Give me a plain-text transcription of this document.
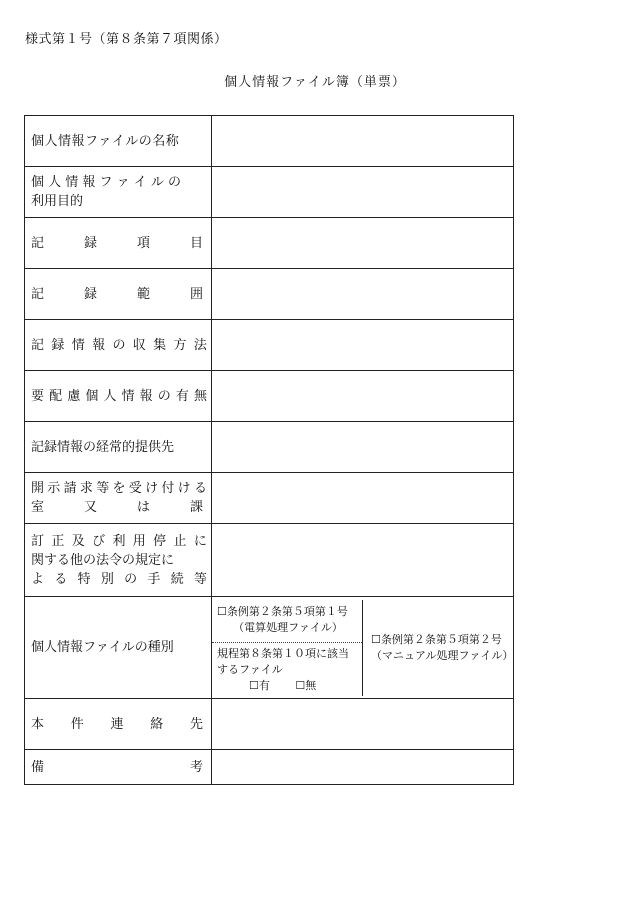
様式第１号（第８条第７項関係）
個人情報ファイル簿（単票）
個人情報ファイルの名称

個 人 情 報 フ ァ イ ル の
利用目的

記	録	項	目

記	録	範	囲

記 録 情 報 の 収 集 方 法

要 配 慮 個 人 情 報 の 有 無

記録情報の経常的提供先

開 示 請 求 等 を 受 け 付 け る
室	又	は	課

訂 正 及 び 利 用 停 止 に
関する他の法令の規定に
よ る 特 別 の 手 続 等

個人情報ファイルの種別

☐条例第２条第５項第１号
（電算処理ファイル）
規程第８条第１０項に該当
するファイル
☐有 ☐無

☐条例第２条第５項第２号
（マニュアル処理ファイル）

本 件 連 絡 先

備	考
